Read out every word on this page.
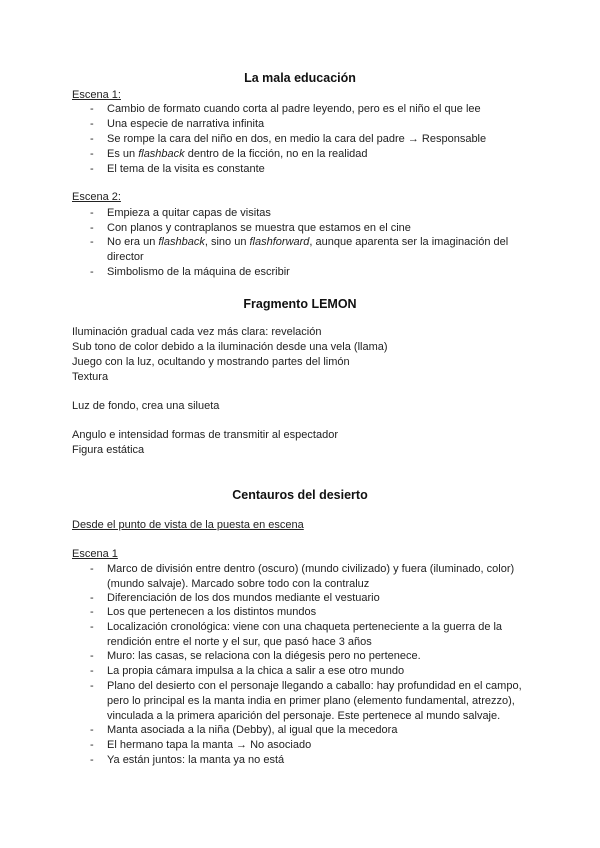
La mala educación
Escena 1:
- Cambio de formato cuando corta al padre leyendo, pero es el niño el que lee
- Una especie de narrativa infinita
- Se rompe la cara del niño en dos, en medio la cara del padre → Responsable
- Es un flashback dentro de la ficción, no en la realidad
- El tema de la visita es constante
Escena 2:
- Empieza a quitar capas de visitas
- Con planos y contraplanos se muestra que estamos en el cine
- No era un flashback, sino un flashforward, aunque aparenta ser la imaginación del director
- Simbolismo de la máquina de escribir
Fragmento LEMON
Iluminación gradual cada vez más clara: revelación
Sub tono de color debido a la iluminación desde una vela (llama)
Juego con la luz, ocultando y mostrando partes del limón
Textura
Luz de fondo, crea una silueta
Angulo e intensidad formas de transmitir al espectador
Figura estática
Centauros del desierto
Desde el punto de vista de la puesta en escena
Escena 1
- Marco de división entre dentro (oscuro) (mundo civilizado) y fuera (iluminado, color) (mundo salvaje). Marcado sobre todo con la contraluz
- Diferenciación de los dos mundos mediante el vestuario
- Los que pertenecen a los distintos mundos
- Localización cronológica: viene con una chaqueta perteneciente a la guerra de la rendición entre el norte y el sur, que pasó hace 3 años
- Muro: las casas, se relaciona con la diégesis pero no pertenece.
- La propia cámara impulsa a la chica a salir a ese otro mundo
- Plano del desierto con el personaje llegando a caballo: hay profundidad en el campo, pero lo principal es la manta india en primer plano (elemento fundamental, atrezzo), vinculada a la primera aparición del personaje. Este pertenece al mundo salvaje.
- Manta asociada a la niña (Debby), al igual que la mecedora
- El hermano tapa la manta → No asociado
- Ya están juntos: la manta ya no está
